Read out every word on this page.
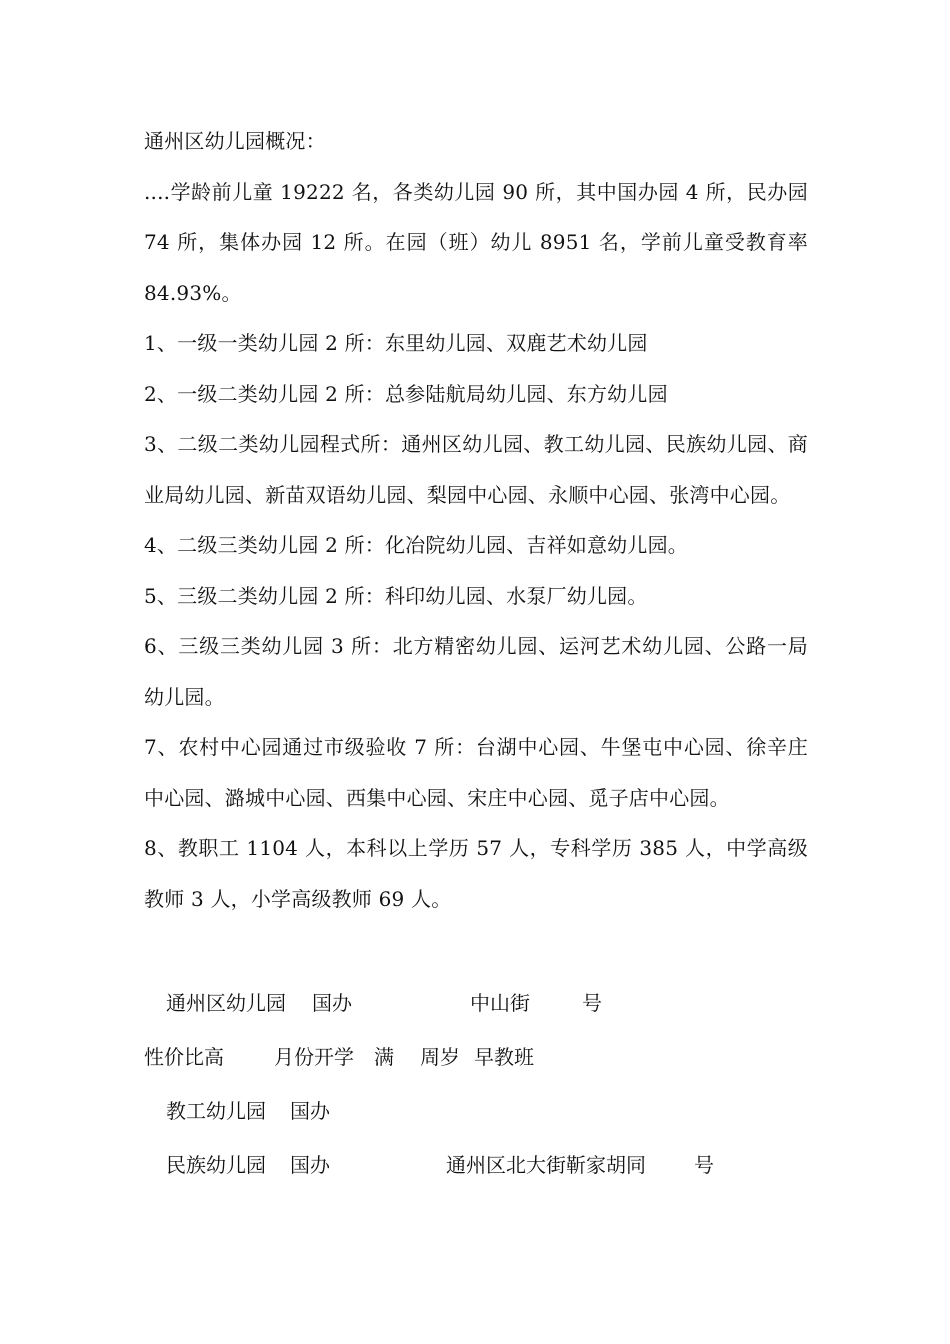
通州区幼儿园概况：

....学龄前儿童 19222 名，各类幼儿园 90 所，其中国办园 4 所，民办园 74 所，集体办园 12 所。在园（班）幼儿 8951 名，学前儿童受教育率 84.93%。

1、一级一类幼儿园 2 所：东里幼儿园、双鹿艺术幼儿园

2、一级二类幼儿园 2 所：总参陆航局幼儿园、东方幼儿园

3、二级二类幼儿园程式所：通州区幼儿园、教工幼儿园、民族幼儿园、商业局幼儿园、新苗双语幼儿园、梨园中心园、永顺中心园、张湾中心园。

4、二级三类幼儿园 2 所：化冶院幼儿园、吉祥如意幼儿园。

5、三级二类幼儿园 2 所：科印幼儿园、水泵厂幼儿园。

6、三级三类幼儿园 3 所：北方精密幼儿园、运河艺术幼儿园、公路一局幼儿园。

7、农村中心园通过市级验收 7 所：台湖中心园、牛堡屯中心园、徐辛庄中心园、潞城中心园、西集中心园、宋庄中心园、觅子店中心园。

8、教职工 1104 人，本科以上学历 57 人，专科学历 385 人，中学高级教师 3 人，小学高级教师 69 人。

通州区幼儿园 国办	中山街	号
性价比高	月份开学 满 周岁 早教班
教工幼儿园 国办
民族幼儿园 国办	通州区北大街靳家胡同 号
